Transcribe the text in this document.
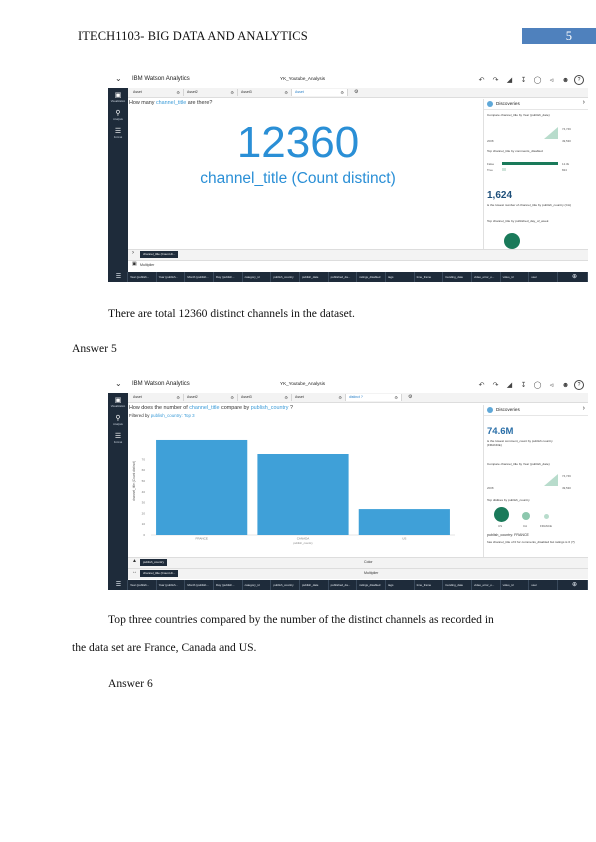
ITECH1103- BIG DATA AND ANALYTICS	5
⌄ IBM Watson Analytics	YK_Youtube_Analysis	↶	↷	◢	↧	◯	◃	☻	?
▣
Visualization
⚲
Analysis
☰
Format
Asset	⚙	Asset2	⚙	Asset3	⚙	Asset	⚙ ⚙
How many channel_title are there?
12360
channel_title (Count distinct)
Discoveries	›
Compare channel_title by Year (publish_date)
74,746
49,530
2008
Top channel_title by comments_disabled
False	12.3k
True	824
1,624
is the lowest number of channel_title by publish_country (CA)
Top channel_title by published_day_of_week
›	channel_title (Count di...
▣ Multiplier
☰	Year (publish...	Year (publish...	Month (publish...	Day (publish...	category_id	publish_country	publish_date	published_da...	ratings_disabled	tags	time_frame	trending_date	video_error_o...	video_id	user	⊕
There are total 12360 distinct channels in the dataset.
Answer 5
⌄ IBM Watson Analytics	YK_Youtube_Analysis	↶	↷	◢	↧	◯	◃	☻	?
▣
Visualization
⚲
Analysis
☰
Format
Asset	⚙	Asset2	⚙	Asset3	⚙	Asset	⚙	distinct ?	⚙ ⚙
How does the number of channel_title compare by publish_country ?
Filtered by publish_country: Top 3
channel_title (Count distinct)
0
10
20
30
40
50
60
70
FRANCE	CANADA	US
publish_country
Discoveries	›
74.6M
is the lowest comment_count by publish country (FRANCE)
Compare channel_title by Year (publish_date)
74,746
49,530
2008
Top dislikes by publish_country
US	CA	FRANCE
publish_country: FRANCE
has channel_title of 0 for comments_disabled but ratings is 0 (?)
▲	publish_country	Color
↔	channel_title (Count di...	Multiplier
☰	Year (publish...	Year (publish...	Month (publish...	Day (publish...	category_id	publish_country	publish_date	published_da...	ratings_disabled	tags	time_frame	trending_date	video_error_o...	video_id	user	⊕
Top three countries compared by the number of the distinct channels as recorded in
the data set are France, Canada and US.
Answer 6
